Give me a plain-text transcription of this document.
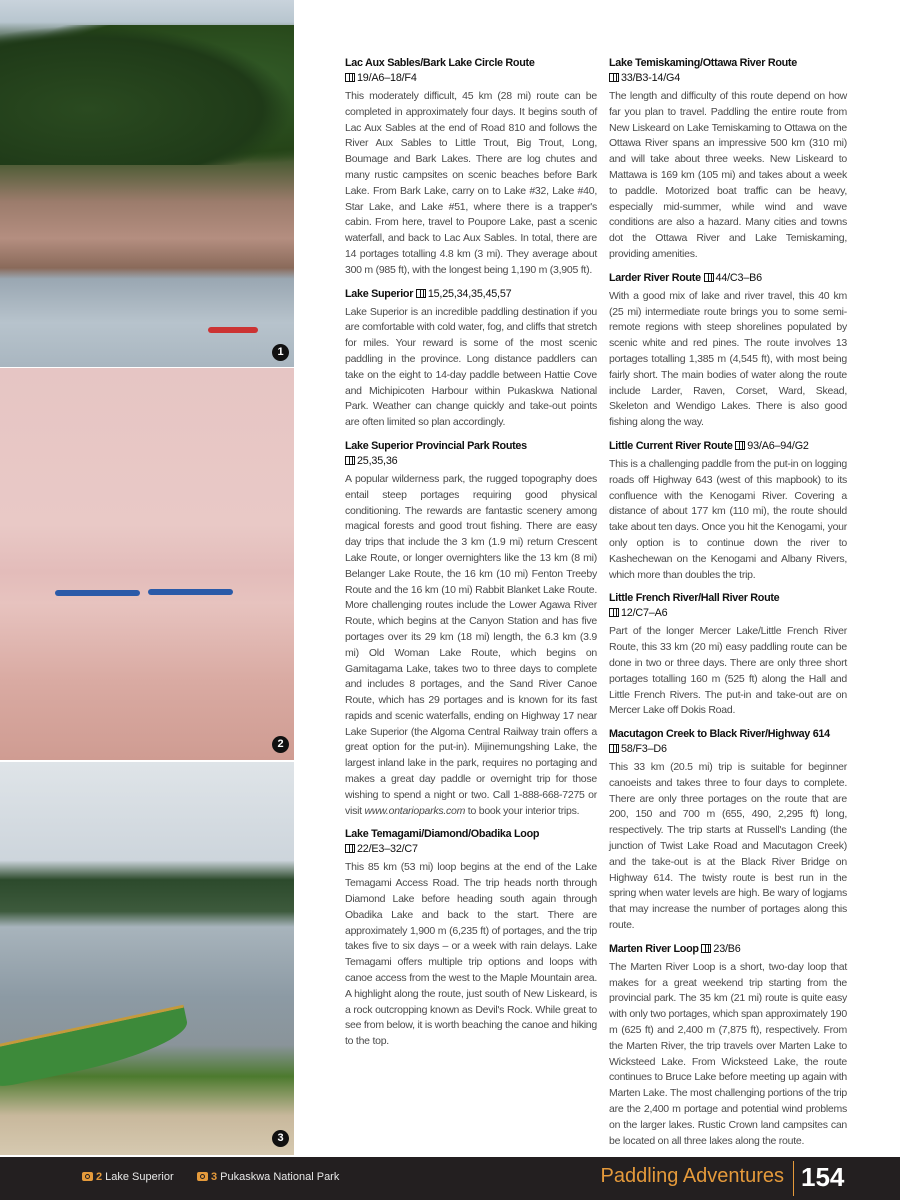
1
2
3
Lac Aux Sables/Bark Lake Circle Route
19/A6–18/F4
This moderately difficult, 45 km (28 mi) route can be completed in approximately four days. It begins south of Lac Aux Sables at the end of Road 810 and follows the River Aux Sables to Little Trout, Big Trout, Long, Boumage and Bark Lakes. There are log chutes and many rustic campsites on scenic beaches before Bark Lake. From Bark Lake, carry on to Lake #32, Lake #40, Star Lake, and Lake #51, where there is a trapper's cabin. From here, travel to Poupore Lake, past a scenic waterfall, and back to Lac Aux Sables. In total, there are 14 portages totalling 4.8 km (3 mi). They average about 300 m (985 ft), with the longest being 1,190 m (3,905 ft).
Lake Superior 15,25,34,35,45,57
Lake Superior is an incredible paddling destination if you are comfortable with cold water, fog, and cliffs that stretch for miles. Your reward is some of the most scenic paddling in the province. Long distance paddlers can take on the eight to 14-day paddle between Hattie Cove and Michipicoten Harbour within Pukaskwa National Park. Weather can change quickly and take-out points are often limited so plan accordingly.
Lake Superior Provincial Park Routes
25,35,36
A popular wilderness park, the rugged topography does entail steep portages requiring good physical conditioning. The rewards are fantastic scenery among magical forests and good trout fishing. There are easy day trips that include the 3 km (1.9 mi) return Crescent Lake Route, or longer overnighters like the 13 km (8 mi) Belanger Lake Route, the 16 km (10 mi) Fenton Treeby Route and the 16 km (10 mi) Rabbit Blanket Lake Route. More challenging routes include the Lower Agawa River Route, which begins at the Canyon Station and has five portages over its 29 km (18 mi) length, the 6.3 km (3.9 mi) Old Woman Lake Route, which begins on Gamitagama Lake, takes two to three days to complete and includes 8 portages, and the Sand River Canoe Route, which has 29 portages and is known for its fast rapids and scenic waterfalls, ending on Highway 17 near Lake Superior (the Algoma Central Railway train offers a great option for the put-in). Mijinemungshing Lake, the largest inland lake in the park, requires no portaging and makes a great day paddle or overnight trip for those wishing to spend a night or two. Call 1-888-668-7275 or visit www.ontarioparks.com to book your interior trips.
Lake Temagami/Diamond/Obadika Loop
22/E3–32/C7
This 85 km (53 mi) loop begins at the end of the Lake Temagami Access Road. The trip heads north through Diamond Lake before heading south again through Obadika Lake and back to the start. There are approximately 1,900 m (6,235 ft) of portages, and the trip takes five to six days – or a week with rain delays. Lake Temagami offers multiple trip options and loops with canoe access from the west to the Maple Mountain area. A highlight along the route, just south of New Liskeard, is a rock outcropping known as Devil's Rock. While great to see from below, it is worth beaching the canoe and hiking to the top.
Lake Temiskaming/Ottawa River Route
33/B3-14/G4
The length and difficulty of this route depend on how far you plan to travel. Paddling the entire route from New Liskeard on Lake Temiskaming to Ottawa on the Ottawa River spans an impressive 500 km (310 mi) and will take about three weeks. New Liskeard to Mattawa is 169 km (105 mi) and takes about a week to paddle. Motorized boat traffic can be heavy, especially mid-summer, while wind and wave conditions are also a hazard. Many cities and towns dot the Ottawa River and Lake Temiskaming, providing amenities.
Larder River Route 44/C3–B6
With a good mix of lake and river travel, this 40 km (25 mi) intermediate route brings you to some semi-remote regions with steep shorelines populated by scenic white and red pines. The route involves 13 portages totalling 1,385 m (4,545 ft), with most being fairly short. The main bodies of water along the route include Larder, Raven, Corset, Ward, Skead, Skeleton and Wendigo Lakes. There is also good fishing along the way.
Little Current River Route 93/A6–94/G2
This is a challenging paddle from the put-in on logging roads off Highway 643 (west of this mapbook) to its confluence with the Kenogami River. Covering a distance of about 177 km (110 mi), the route should take about ten days. Once you hit the Kenogami, your only option is to continue down the river to Kashechewan on the Kenogami and Albany Rivers, which more than doubles the trip.
Little French River/Hall River Route
12/C7–A6
Part of the longer Mercer Lake/Little French River Route, this 33 km (20 mi) easy paddling route can be done in two or three days. There are only three short portages totalling 160 m (525 ft) along the Hall and Little French Rivers. The put-in and take-out are on Mercer Lake off Dokis Road.
Macutagon Creek to Black River/Highway 614
58/F3–D6
This 33 km (20.5 mi) trip is suitable for beginner canoeists and takes three to four days to complete. There are only three portages on the route that are 200, 150 and 700 m (655, 490, 2,295 ft) long, respectively. The trip starts at Russell's Landing (the junction of Twist Lake Road and Macutagon Creek) and the take-out is at the Black River Bridge on Highway 614. The twisty route is best run in the spring when water levels are high. Be wary of logjams that may increase the number of portages along this route.
Marten River Loop 23/B6
The Marten River Loop is a short, two-day loop that makes for a great weekend trip starting from the provincial park. The 35 km (21 mi) route is quite easy with only two portages, which span approximately 190 m (625 ft) and 2,400 m (7,875 ft), respectively. From the Marten River, the trip travels over Marten Lake to Wicksteed Lake. From Wicksteed Lake, the route continues to Bruce Lake before meeting up again with Marten Lake. The most challenging portions of the trip are the 2,400 m portage and potential wind problems on the larger lakes. Rustic Crown land campsites can be located on all three lakes along the route.
2 Lake Superior	3 Pukaskwa National Park	Paddling Adventures 154
